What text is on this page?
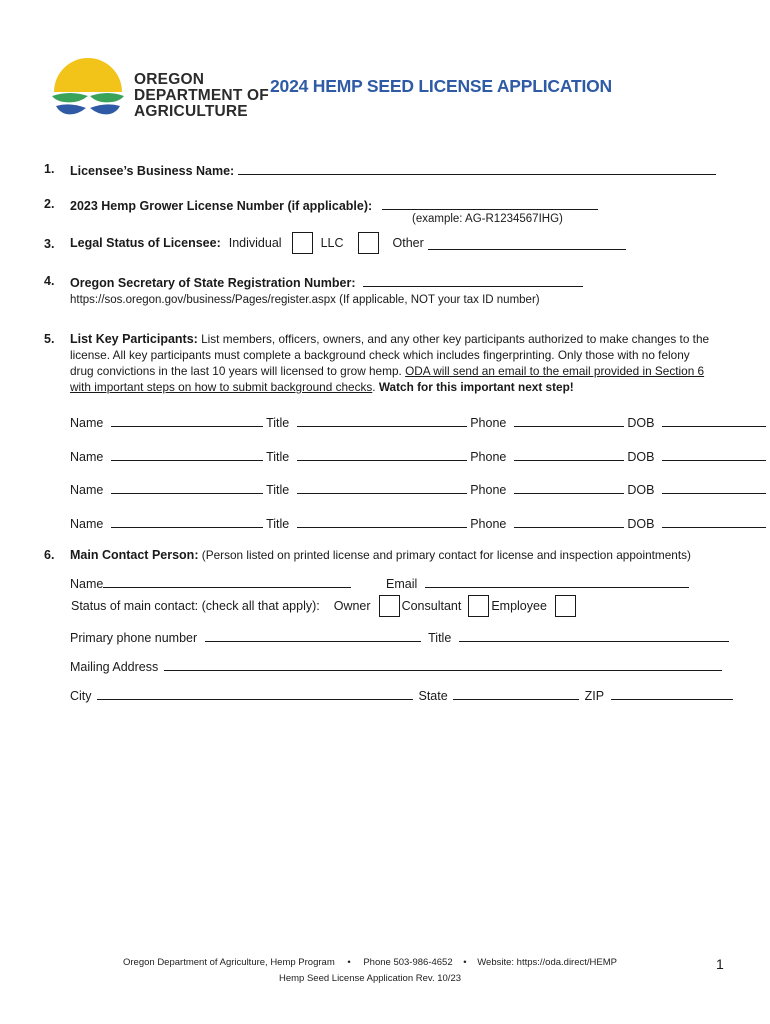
OREGON
DEPARTMENT OF
AGRICULTURE
2024 HEMP SEED LICENSE APPLICATION
1. Licensee’s Business Name:
2. 2023 Hemp Grower License Number (if applicable):
(example: AG-R1234567IHG)
3. Legal Status of Licensee: Individual	LLC	Other
4. Oregon Secretary of State Registration Number:
https://sos.oregon.gov/business/Pages/register.aspx (If applicable, NOT your tax ID number)
5. List Key Participants: List members, officers, owners, and any other key participants authorized to make changes to the license. All key participants must complete a background check which includes fingerprinting. Only those with no felony drug convictions in the last 10 years will licensed to grow hemp. ODA will send an email to the email provided in Section 6 with important steps on how to submit background checks. Watch for this important next step!
Name	Title	Phone	DOB
Name	Title	Phone	DOB
Name	Title	Phone	DOB
Name	Title	Phone	DOB
6. Main Contact Person: (Person listed on printed license and primary contact for license and inspection appointments)
Name	Email
Status of main contact: (check all that apply): Owner Consultant Employee
Primary phone number	Title
Mailing Address
City	State	ZIP
Oregon Department of Agriculture, Hemp Program • Phone 503-986-4652 • Website: https://oda.direct/HEMP
Hemp Seed License Application Rev. 10/23
1
